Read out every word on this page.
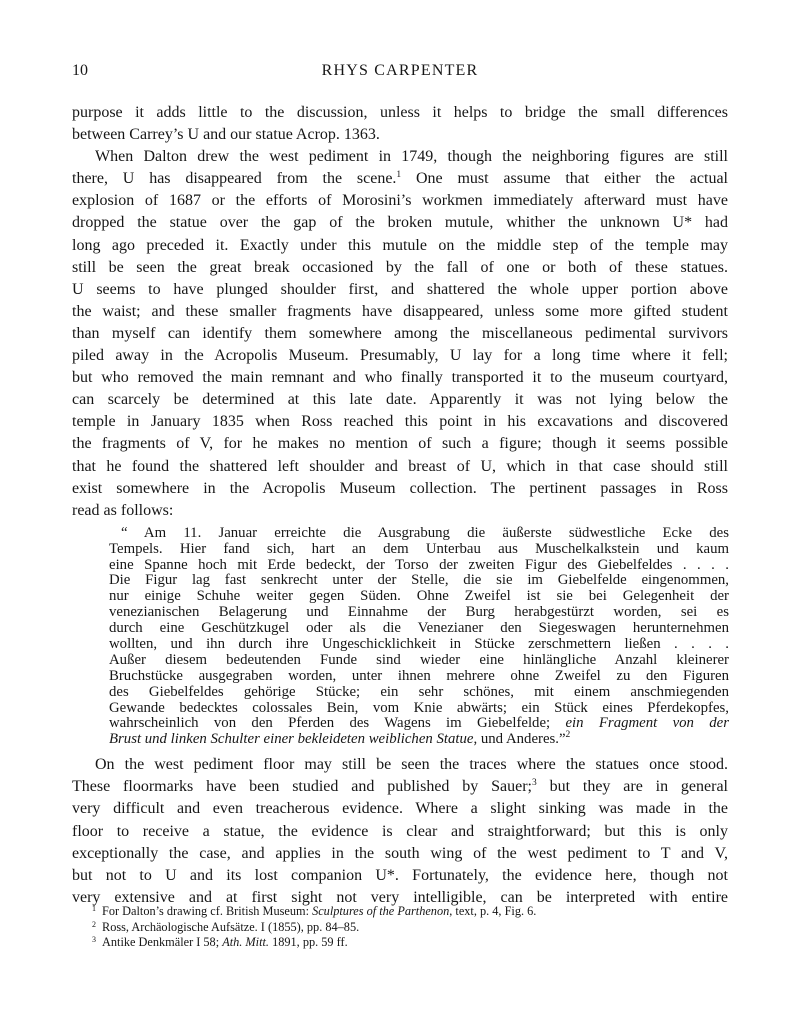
10	RHYS CARPENTER
purpose it adds little to the discussion, unless it helps to bridge the small differences
between Carrey’s U and our statue Acrop. 1363.
When Dalton drew the west pediment in 1749, though the neighboring figures are still
there, U has disappeared from the scene.$^1$ One must assume that either the actual
explosion of 1687 or the efforts of Morosini’s workmen immediately afterward must have
dropped the statue over the gap of the broken mutule, whither the unknown U* had
long ago preceded it. Exactly under this mutule on the middle step of the temple may
still be seen the great break occasioned by the fall of one or both of these statues.
U seems to have plunged shoulder first, and shattered the whole upper portion above
the waist; and these smaller fragments have disappeared, unless some more gifted student
than myself can identify them somewhere among the miscellaneous pedimental survivors
piled away in the Acropolis Museum. Presumably, U lay for a long time where it fell;
but who removed the main remnant and who finally transported it to the museum courtyard,
can scarcely be determined at this late date. Apparently it was not lying below the
temple in January 1835 when Ross reached this point in his excavations and discovered
the fragments of V, for he makes no mention of such a figure; though it seems possible
that he found the shattered left shoulder and breast of U, which in that case should still
exist somewhere in the Acropolis Museum collection. The pertinent passages in Ross
read as follows:
“ Am 11. Januar erreichte die Ausgrabung die äußerste südwestliche Ecke des
Tempels. Hier fand sich, hart an dem Unterbau aus Muschelkalkstein und kaum
eine Spanne hoch mit Erde bedeckt, der Torso der zweiten Figur des Giebelfeldes . . . .
Die Figur lag fast senkrecht unter der Stelle, die sie im Giebelfelde eingenommen,
nur einige Schuhe weiter gegen Süden. Ohne Zweifel ist sie bei Gelegenheit der
venezianischen Belagerung und Einnahme der Burg herabgestürzt worden, sei es
durch eine Geschützkugel oder als die Venezianer den Siegeswagen herunternehmen
wollten, und ihn durch ihre Ungeschicklichkeit in Stücke zerschmettern ließen . . . .
Außer diesem bedeutenden Funde sind wieder eine hinlängliche Anzahl kleinerer
Bruchstücke ausgegraben worden, unter ihnen mehrere ohne Zweifel zu den Figuren
des Giebelfeldes gehörige Stücke; ein sehr schönes, mit einem anschmiegenden
Gewande bedecktes colossales Bein, vom Knie abwärts; ein Stück eines Pferdekopfes,
wahrscheinlich von den Pferden des Wagens im Giebelfelde; ein Fragment von der
Brust und linken Schulter einer bekleideten weiblichen Statue, und Anderes.”$^2$
On the west pediment floor may still be seen the traces where the statues once stood.
These floormarks have been studied and published by Sauer;$^3$ but they are in general
very difficult and even treacherous evidence. Where a slight sinking was made in the
floor to receive a statue, the evidence is clear and straightforward; but this is only
exceptionally the case, and applies in the south wing of the west pediment to T and V,
but not to U and its lost companion U*. Fortunately, the evidence here, though not
very extensive and at first sight not very intelligible, can be interpreted with entire
$^1$ For Dalton’s drawing cf. British Museum: Sculptures of the Parthenon, text, p. 4, Fig. 6.
$^2$ Ross, Archäologische Aufsätze. I (1855), pp. 84–85.
$^3$ Antike Denkmäler I 58; Ath. Mitt. 1891, pp. 59 ff.
